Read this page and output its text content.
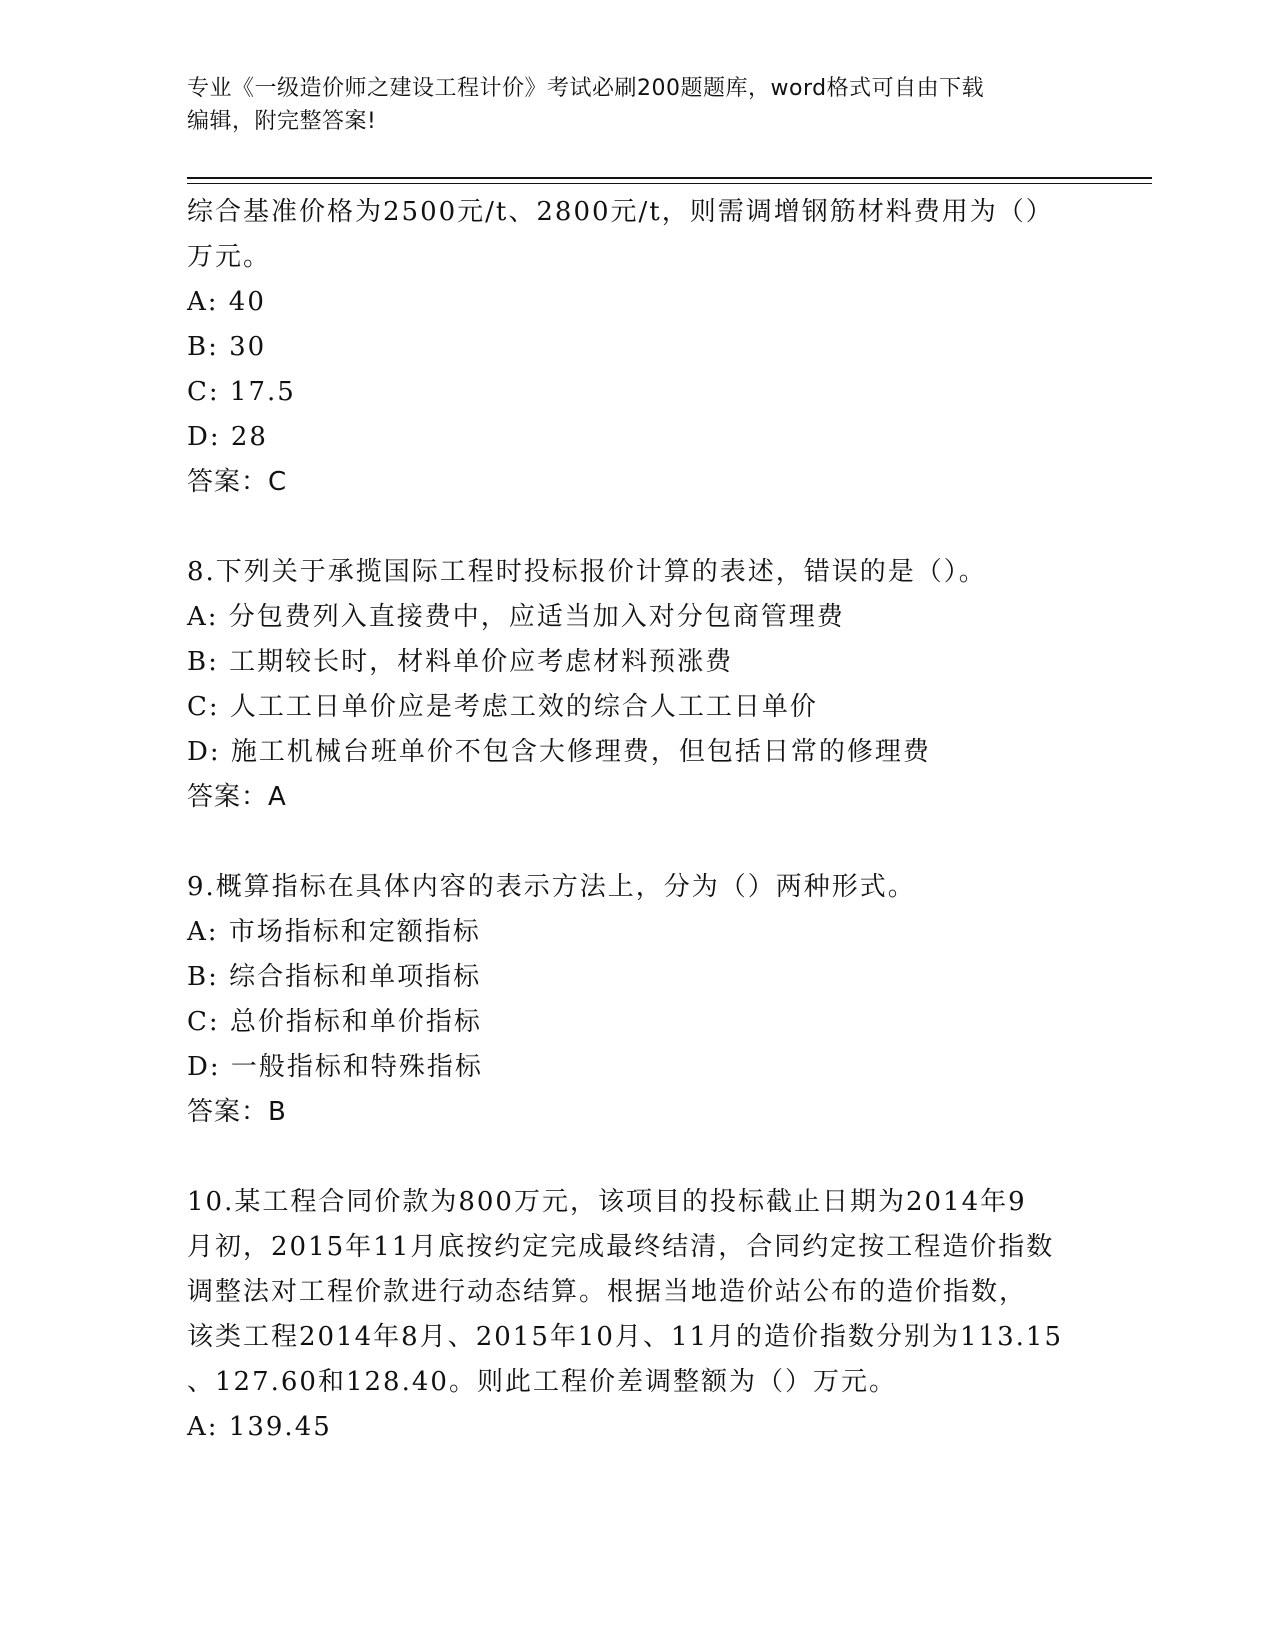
专业《一级造价师之建设工程计价》考试必刷200题题库，word格式可自由下载
编辑，附完整答案!
综合基准价格为2500元/t、2800元/t，则需调增钢筋材料费用为（）
万元。
A: 40
B: 30
C: 17.5
D: 28
答案：C
8.下列关于承揽国际工程时投标报价计算的表述，错误的是（）。
A: 分包费列入直接费中，应适当加入对分包商管理费
B: 工期较长时，材料单价应考虑材料预涨费
C: 人工工日单价应是考虑工效的综合人工工日单价
D: 施工机械台班单价不包含大修理费，但包括日常的修理费
答案：A
9.概算指标在具体内容的表示方法上，分为（）两种形式。
A: 市场指标和定额指标
B: 综合指标和单项指标
C: 总价指标和单价指标
D: 一般指标和特殊指标
答案：B
10.某工程合同价款为800万元，该项目的投标截止日期为2014年9
月初，2015年11月底按约定完成最终结清，合同约定按工程造价指数
调整法对工程价款进行动态结算。根据当地造价站公布的造价指数，
该类工程2014年8月、2015年10月、11月的造价指数分别为113.15
、127.60和128.40。则此工程价差调整额为（）万元。
A: 139.45
